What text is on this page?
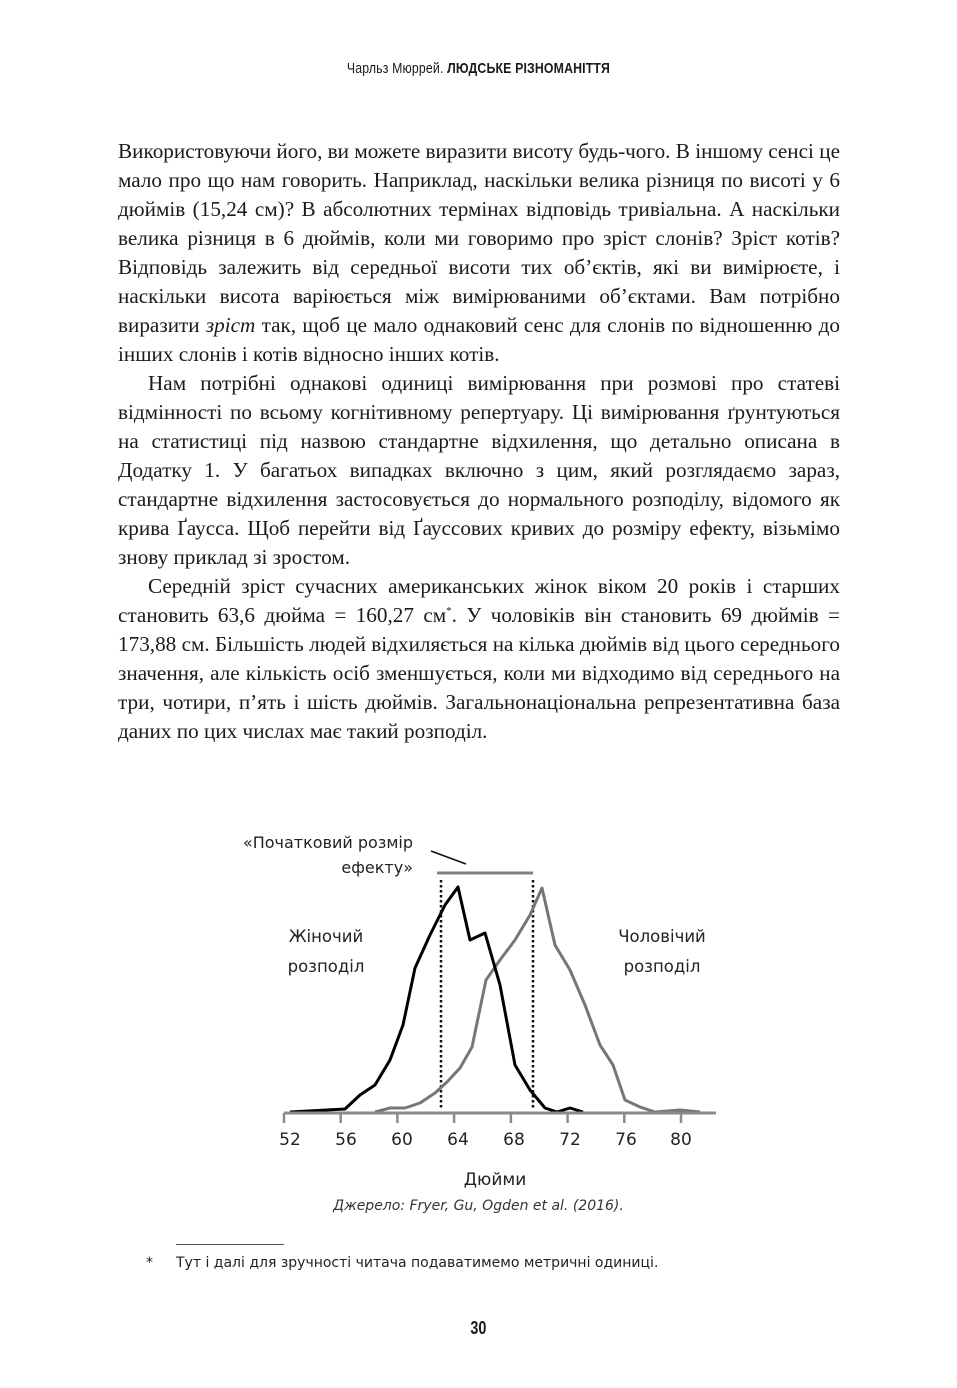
Чарльз Мюррей. ЛЮДСЬКЕ РІЗНОМАНІТТЯ

Використовуючи його, ви можете виразити висоту будь-чого. В іншому сенсі це мало про що нам говорить. Наприклад, наскільки велика різниця по висоті у 6 дюймів (15,24 см)? В абсолютних термінах відповідь тривіальна. А наскільки велика різниця в 6 дюймів, коли ми говоримо про зріст слонів? Зріст котів? Відповідь залежить від середньої висоти тих об’єктів, які ви вимірюєте, і наскільки висота варіюється між вимірюваними об’єктами. Вам потрібно виразити зріст так, щоб це мало однаковий сенс для слонів по відношенню до інших слонів і котів відносно інших котів.

Нам потрібні однакові одиниці вимірювання при розмові про статеві відмінності по всьому когнітивному репертуару. Ці вимірювання ґрунтуються на статистиці під назвою стандартне відхилення, що детально описана в Додатку 1. У багатьох випадках включно з цим, який розглядаємо зараз, стандартне відхилення застосовується до нормального розподілу, відомого як крива Ґаусса. Щоб перейти від Ґауссових кривих до розміру ефекту, візьмімо знову приклад зі зростом.

Середній зріст сучасних американських жінок віком 20 років і старших становить 63,6 дюйма = 160,27 см*. У чоловіків він становить 69 дюймів = 173,88 см. Більшість людей відхиляється на кілька дюймів від цього середнього значення, але кількість осіб зменшується, коли ми відходимо від середнього на три, чотири, п’ять і шість дюймів. Загальнонаціональна репрезентативна база даних по цих числах має такий розподіл.

«Початковий розмір
ефекту»
Жіночий
розподіл
Чоловічий
розподіл
52 56 60 64 68 72 76 80
Дюйми
Джерело: Fryer, Gu, Ogden et al. (2016).
* Тут і далі для зручності читача подаватимемо метричні одиниці.
30
